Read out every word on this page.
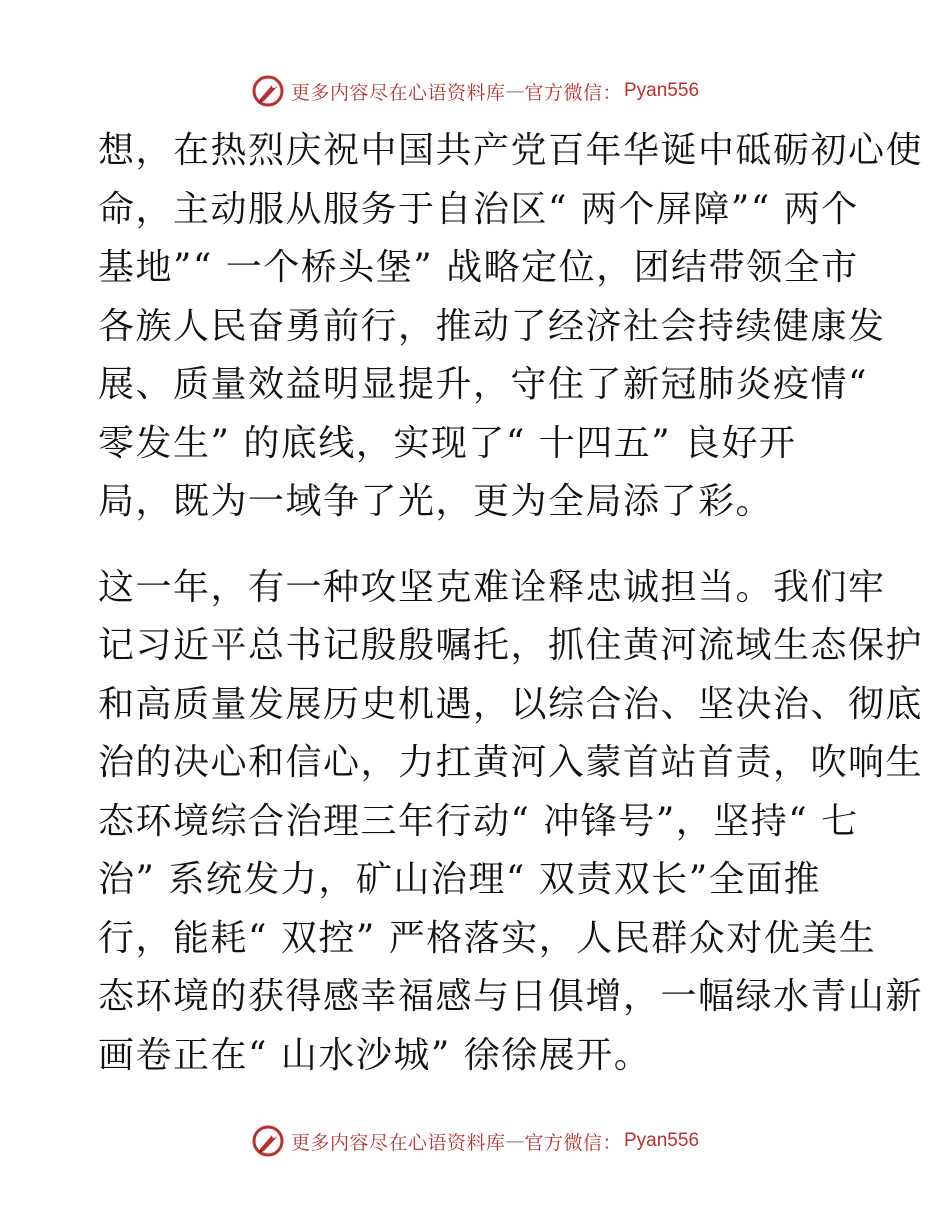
更多内容尽在心语资料库 — 官方微信： Pyan556
想，在热烈庆祝中国共产党百年华诞中砥砺初心使
命，主动服从服务于自治区“ 两个屏障”“ 两个
基地”“ 一个桥头堡” 战略定位，团结带领全市
各族人民奋勇前行，推动了经济社会持续健康发
展、质量效益明显提升，守住了新冠肺炎疫情“
零发生” 的底线，实现了“ 十四五” 良好开
局，既为一域争了光，更为全局添了彩。
这一年，有一种攻坚克难诠释忠诚担当。我们牢
记习近平总书记殷殷嘱托，抓住黄河流域生态保护
和高质量发展历史机遇，以综合治、坚决治、彻底
治的决心和信心，力扛黄河入蒙首站首责，吹响生
态环境综合治理三年行动“ 冲锋号”，坚持“ 七
治” 系统发力，矿山治理“ 双责双长”全面推
行，能耗“ 双控” 严格落实，人民群众对优美生
态环境的获得感幸福感与日俱增，一幅绿水青山新
画卷正在“ 山水沙城” 徐徐展开。
更多内容尽在心语资料库 — 官方微信： Pyan556
